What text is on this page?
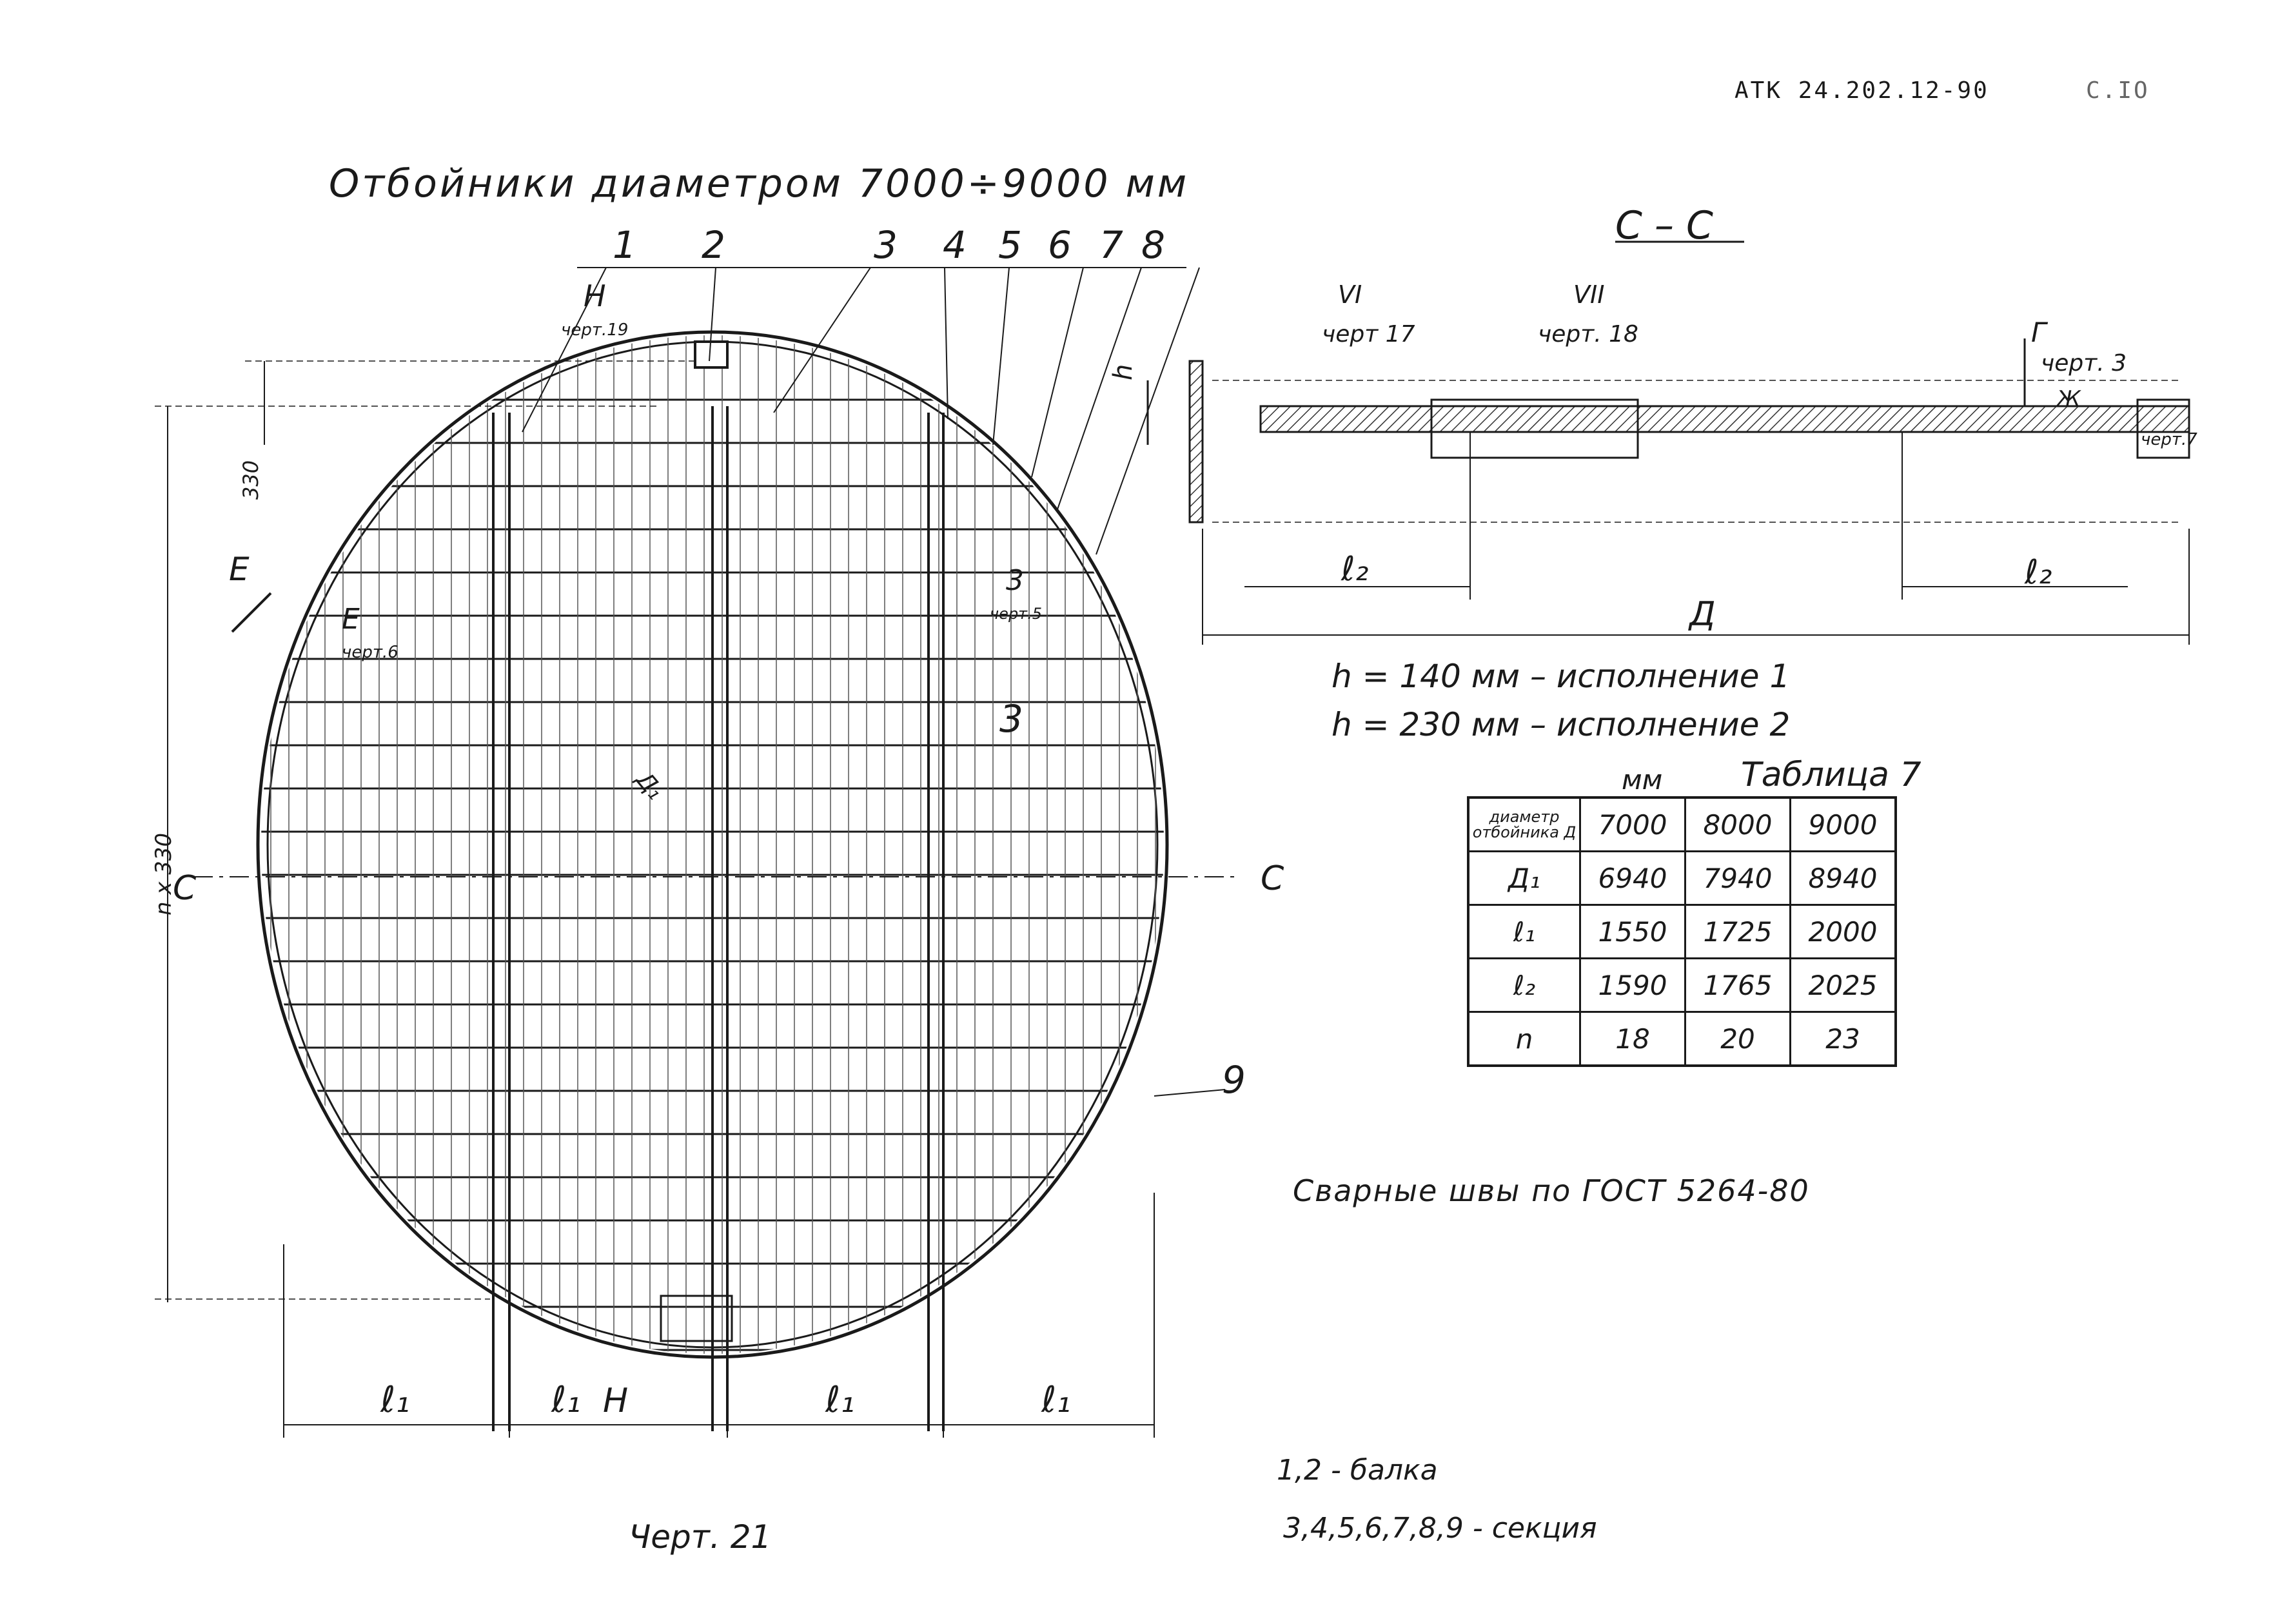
АТК 24.202.12-90	С.IO
Отбойники диаметром 7000÷9000 мм
С – С
1 2	3 4 5 6 7 8
9
Н
черт.19
Е
Е
черт.6
3
черт.5
3
С	С
330
n x 330
ℓ₁	ℓ₁ Н	ℓ₁	ℓ₁
Д₁
VI
черт 17
VII
черт. 18	Г
черт. 3
h
Ж
черт.7
ℓ₂	ℓ₂
Д
h = 140 мм – исполнение 1
h = 230 мм – исполнение 2
мм Таблица 7
диаметр отбойника Д	7000	8000	9000
Д₁	6940	7940	8940
ℓ₁	1550	1725	2000
ℓ₂	1590	1765	2025
n	18	20	23
Сварные швы по ГОСТ 5264-80
1,2 - балка
3,4,5,6,7,8,9 - секция
Черт. 21
